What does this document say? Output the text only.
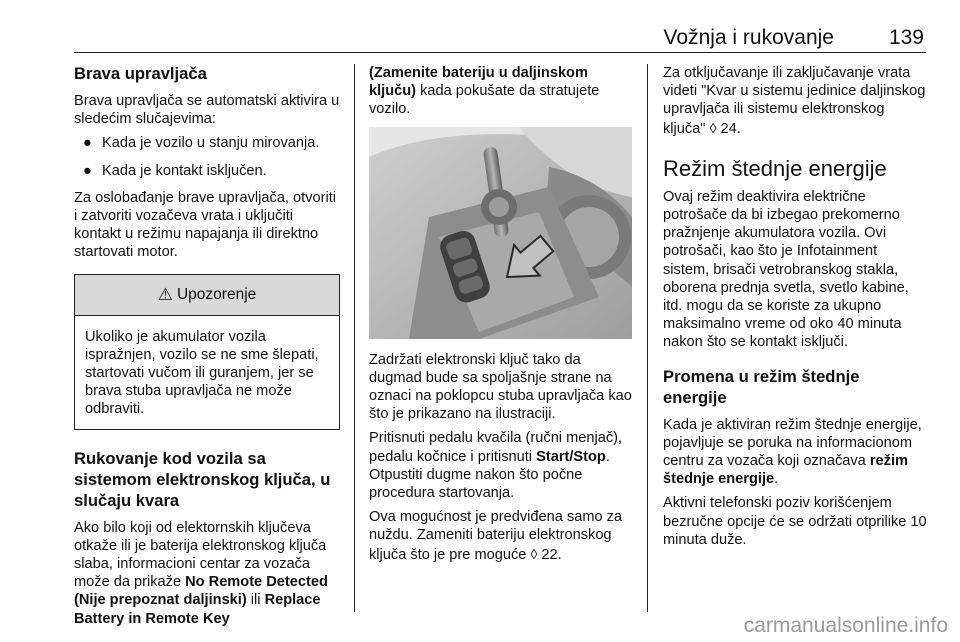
Vožnja i rukovanje	139
Brava upravljača

Brava upravljača se automatski aktivira u sledećim slučajevima:

● Kada je vozilo u stanju mirovanja.
● Kada je kontakt isključen.

Za oslobađanje brave upravljača, otvoriti i zatvoriti vozačeva vrata i uključiti kontakt u režimu napajanja ili direktno startovati motor.

⚠ Upozorenje
Ukoliko je akumulator vozila ispražnjen, vozilo se ne sme šlepati, startovati vučom ili guranjem, jer se brava stuba upravljača ne može odbraviti.
Rukovanje kod vozila sa sistemom elektronskog ključa, u slučaju kvara

Ako bilo koji od elektornskih ključeva otkaže ili je baterija elektronskog ključa slaba, informacioni centar za vozača može da prikaže No Remote Detected (Nije prepoznat daljinski) ili Replace Battery in Remote Key

(Zamenite bateriju u daljinskom ključu) kada pokušate da stratujete vozilo.

Zadržati elektronski ključ tako da dugmad bude sa spoljašnje strane na oznaci na poklopcu stuba upravljača kao što je prikazano na ilustraciji.

Pritisnuti pedalu kvačila (ručni menjač), pedalu kočnice i pritisnuti Start/Stop. Otpustiti dugme nakon što počne procedura startovanja.

Ova mogućnost je predviđena samo za nuždu. Zameniti bateriju elektronskog ključa što je pre moguće ◊ 22.

Za otključavanje ili zaključavanje vrata videti "Kvar u sistemu jedinice daljinskog upravljača ili sistemu elektronskog ključa" ◊ 24.

Režim štednje energije

Ovaj režim deaktivira električne potrošače da bi izbegao prekomerno pražnjenje akumulatora vozila. Ovi potrošači, kao što je Infotainment sistem, brisači vetrobranskog stakla, oborena prednja svetla, svetlo kabine, itd. mogu da se koriste za ukupno maksimalno vreme od oko 40 minuta nakon što se kontakt isključi.

Promena u režim štednje energije

Kada je aktiviran režim štednje energije, pojavljuje se poruka na informacionom centru za vozača koji označava režim štednje energije.

Aktivni telefonski poziv korišćenjem bezručne opcije će se održati otprilike 10 minuta duže.

carmanualsonline.info
